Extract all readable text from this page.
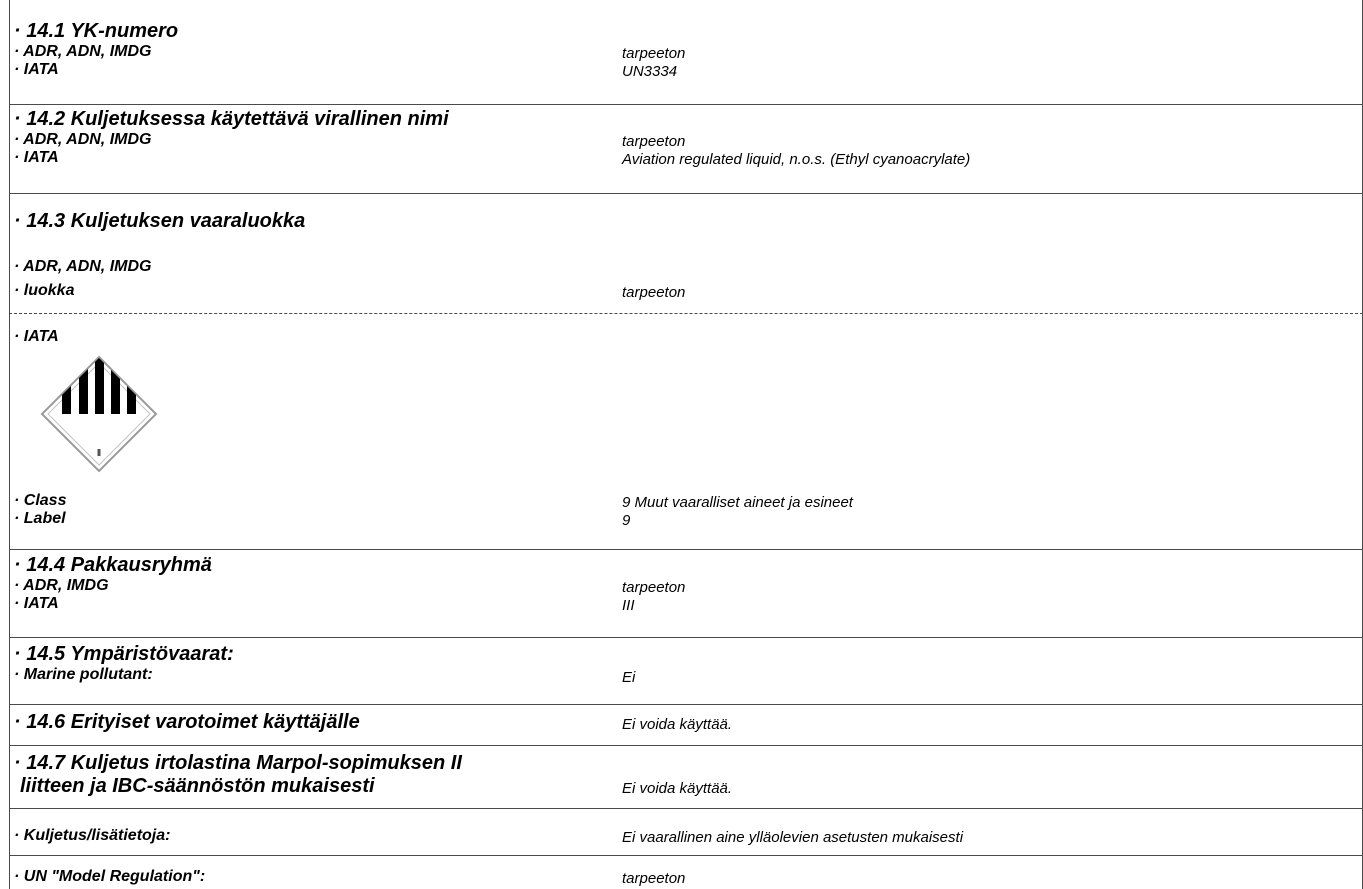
· 14.1 YK-numero
· ADR, ADN, IMDG	tarpeeton
· IATA	UN3334
· 14.2 Kuljetuksessa käytettävä virallinen nimi
· ADR, ADN, IMDG	tarpeeton
· IATA	Aviation regulated liquid, n.o.s. (Ethyl cyanoacrylate)
· 14.3 Kuljetuksen vaaraluokka
· ADR, ADN, IMDG
· luokka	tarpeeton
· IATA
· Class	9 Muut vaaralliset aineet ja esineet
· Label	9
· 14.4 Pakkausryhmä
· ADR, IMDG	tarpeeton
· IATA	III
· 14.5 Ympäristövaarat:
· Marine pollutant:	Ei
· 14.6 Erityiset varotoimet käyttäjälle	Ei voida käyttää.
· 14.7 Kuljetus irtolastina Marpol-sopimuksen II
liitteen ja IBC-säännöstön mukaisesti	Ei voida käyttää.
· Kuljetus/lisätietoja:	Ei vaarallinen aine ylläolevien asetusten mukaisesti
· UN "Model Regulation":	tarpeeton
